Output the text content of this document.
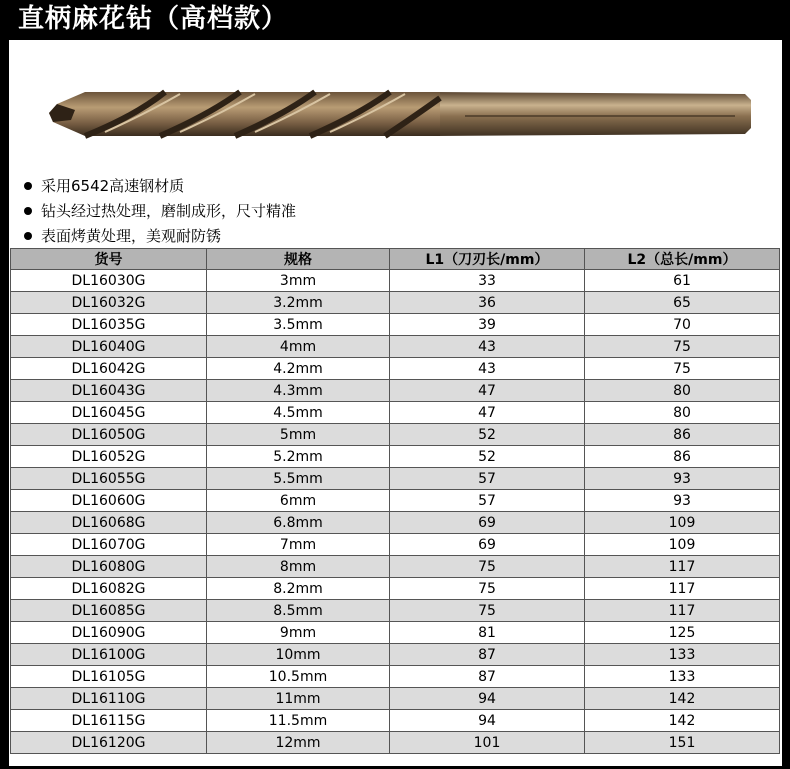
直柄麻花钻（高档款）
采用6542高速钢材质
钻头经过热处理，磨制成形，尺寸精准
表面烤黄处理，美观耐防锈
货号	规格	L1（刀刃长/mm）	L2（总长/mm）
DL16030G	3mm	33	61
DL16032G	3.2mm	36	65
DL16035G	3.5mm	39	70
DL16040G	4mm	43	75
DL16042G	4.2mm	43	75
DL16043G	4.3mm	47	80
DL16045G	4.5mm	47	80
DL16050G	5mm	52	86
DL16052G	5.2mm	52	86
DL16055G	5.5mm	57	93
DL16060G	6mm	57	93
DL16068G	6.8mm	69	109
DL16070G	7mm	69	109
DL16080G	8mm	75	117
DL16082G	8.2mm	75	117
DL16085G	8.5mm	75	117
DL16090G	9mm	81	125
DL16100G	10mm	87	133
DL16105G	10.5mm	87	133
DL16110G	11mm	94	142
DL16115G	11.5mm	94	142
DL16120G	12mm	101	151
